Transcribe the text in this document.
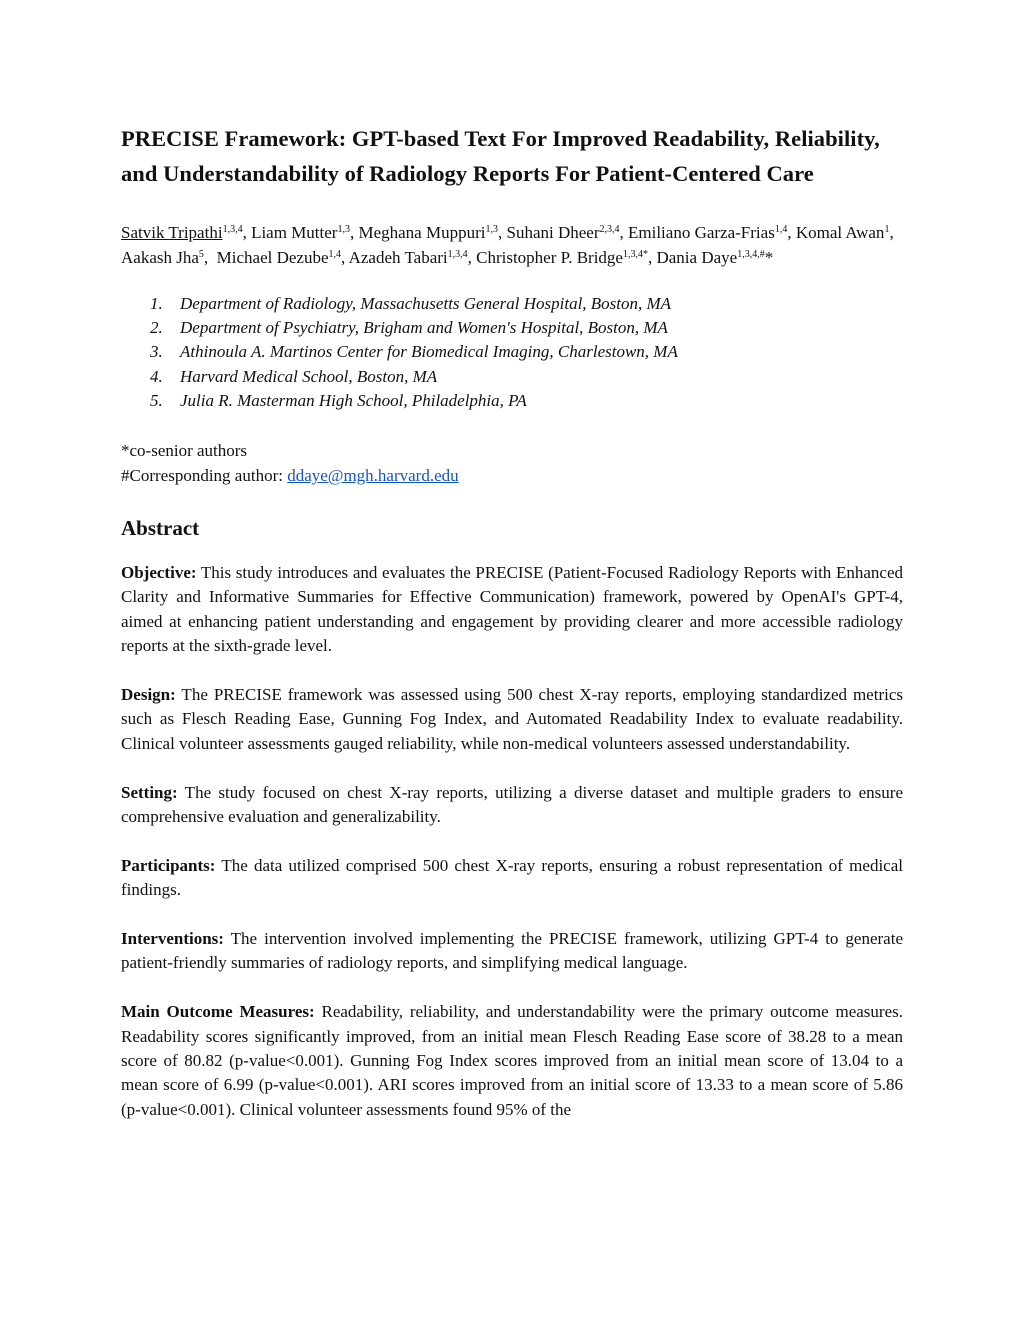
PRECISE Framework: GPT-based Text For Improved Readability, Reliability, and Understandability of Radiology Reports For Patient-Centered Care
Satvik Tripathi$^{1,3,4}$, Liam Mutter$^{1,3}$, Meghana Muppuri$^{1,3}$, Suhani Dheer$^{2,3,4}$, Emiliano Garza-Frias$^{1,4}$, Komal Awan$^1$, Aakash Jha$^5$,  Michael Dezube$^{1,4}$, Azadeh Tabari$^{1,3,4}$, Christopher P. Bridge$^{1,3,4*}$, Dania Daye$^{1,3,4,\#}$*
1.	Department of Radiology, Massachusetts General Hospital, Boston, MA
2.	Department of Psychiatry, Brigham and Women's Hospital, Boston, MA
3.	Athinoula A. Martinos Center for Biomedical Imaging, Charlestown, MA
4.	Harvard Medical School, Boston, MA
5.	Julia R. Masterman High School, Philadelphia, PA
*co-senior authors
#Corresponding author: ddaye@mgh.harvard.edu
Abstract

Objective: This study introduces and evaluates the PRECISE (Patient-Focused Radiology Reports with Enhanced Clarity and Informative Summaries for Effective Communication) framework, powered by OpenAI's GPT-4, aimed at enhancing patient understanding and engagement by providing clearer and more accessible radiology reports at the sixth-grade level.

Design: The PRECISE framework was assessed using 500 chest X-ray reports, employing standardized metrics such as Flesch Reading Ease, Gunning Fog Index, and Automated Readability Index to evaluate readability. Clinical volunteer assessments gauged reliability, while non-medical volunteers assessed understandability.

Setting: The study focused on chest X-ray reports, utilizing a diverse dataset and multiple graders to ensure comprehensive evaluation and generalizability.

Participants: The data utilized comprised 500 chest X-ray reports, ensuring a robust representation of medical findings.

Interventions: The intervention involved implementing the PRECISE framework, utilizing GPT-4 to generate patient-friendly summaries of radiology reports, and simplifying medical language.

Main Outcome Measures: Readability, reliability, and understandability were the primary outcome measures. Readability scores significantly improved, from an initial mean Flesch Reading Ease score of 38.28 to a mean score of 80.82 (p-value<0.001). Gunning Fog Index scores improved from an initial mean score of 13.04 to a mean score of 6.99 (p-value<0.001). ARI scores improved from an initial score of 13.33 to a mean score of 5.86 (p-value<0.001). Clinical volunteer assessments found 95% of the
